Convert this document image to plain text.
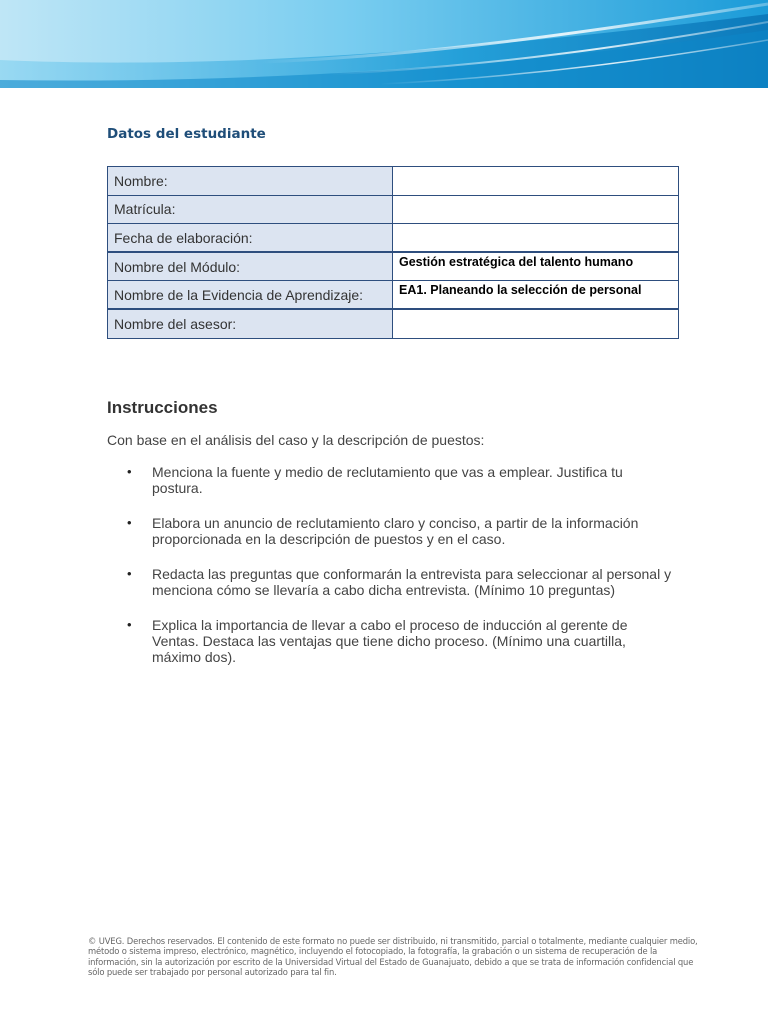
Datos del estudiante
Nombre:	
Matrícula:	
Fecha de elaboración:	
Nombre del Módulo:	Gestión estratégica del talento humano
Nombre de la Evidencia de Aprendizaje:	EA1. Planeando la selección de personal
Nombre del asesor:	
Instrucciones

Con base en el análisis del caso y la descripción de puestos:

• Menciona la fuente y medio de reclutamiento que vas a emplear. Justifica tu postura.
• Elabora un anuncio de reclutamiento claro y conciso, a partir de la información proporcionada en la descripción de puestos y en el caso.
• Redacta las preguntas que conformarán la entrevista para seleccionar al personal y menciona cómo se llevaría a cabo dicha entrevista. (Mínimo 10 preguntas)
• Explica la importancia de llevar a cabo el proceso de inducción al gerente de Ventas. Destaca las ventajas que tiene dicho proceso. (Mínimo una cuartilla, máximo dos).
© UVEG. Derechos reservados. El contenido de este formato no puede ser distribuido, ni transmitido, parcial o totalmente, mediante cualquier medio, método o sistema impreso, electrónico, magnético, incluyendo el fotocopiado, la fotografía, la grabación o un sistema de recuperación de la información, sin la autorización por escrito de la Universidad Virtual del Estado de Guanajuato, debido a que se trata de información confidencial que sólo puede ser trabajado por personal autorizado para tal fin.
